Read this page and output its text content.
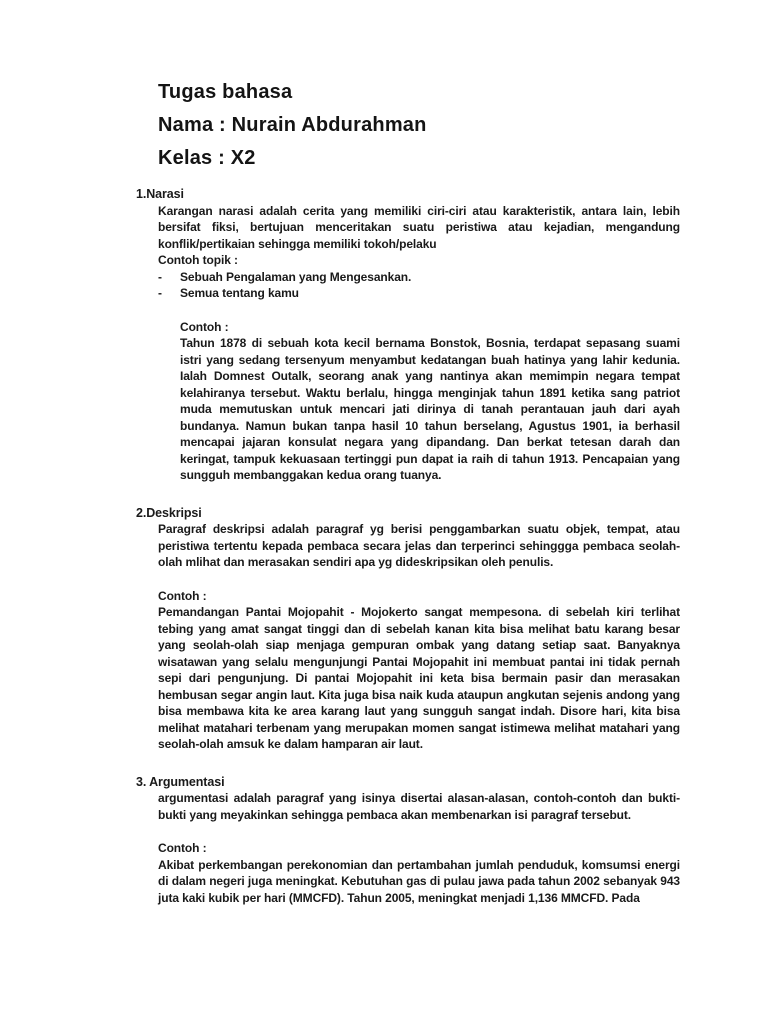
Tugas bahasa
Nama : Nurain Abdurahman
Kelas : X2
1.Narasi
Karangan narasi adalah cerita yang memiliki ciri-ciri atau karakteristik, antara lain, lebih bersifat fiksi, bertujuan menceritakan suatu peristiwa atau kejadian, mengandung konflik/pertikaian sehingga memiliki tokoh/pelaku
Contoh topik :
-	Sebuah Pengalaman yang Mengesankan.
-	Semua tentang kamu
Contoh :
Tahun 1878 di sebuah kota kecil bernama Bonstok, Bosnia, terdapat sepasang suami istri yang sedang tersenyum menyambut kedatangan buah hatinya yang lahir kedunia. Ialah Domnest Outalk, seorang anak yang nantinya akan memimpin negara tempat kelahiranya tersebut. Waktu berlalu, hingga menginjak tahun 1891 ketika sang patriot muda memutuskan untuk mencari jati dirinya di tanah perantauan jauh dari ayah bundanya. Namun bukan tanpa hasil 10 tahun berselang, Agustus 1901, ia berhasil mencapai jajaran konsulat negara yang dipandang. Dan berkat tetesan darah dan keringat, tampuk kekuasaan tertinggi pun dapat ia raih di tahun 1913. Pencapaian yang sungguh membanggakan kedua orang tuanya.
2.Deskripsi
Paragraf deskripsi adalah paragraf yg berisi penggambarkan suatu objek, tempat, atau peristiwa tertentu kepada pembaca secara jelas dan terperinci sehinggga pembaca seolah-olah mlihat dan merasakan sendiri apa yg dideskripsikan oleh penulis.
Contoh :
Pemandangan Pantai Mojopahit - Mojokerto sangat mempesona. di sebelah kiri terlihat tebing yang amat sangat tinggi dan di sebelah kanan kita bisa melihat batu karang besar yang seolah-olah siap menjaga gempuran ombak yang datang setiap saat. Banyaknya wisatawan yang selalu mengunjungi Pantai Mojopahit ini membuat pantai ini tidak pernah sepi dari pengunjung. Di pantai Mojopahit ini keta bisa bermain pasir dan merasakan hembusan segar angin laut. Kita juga bisa naik kuda ataupun angkutan sejenis andong yang bisa membawa kita ke area karang laut yang sungguh sangat indah. Disore hari, kita bisa melihat matahari terbenam yang merupakan momen sangat istimewa melihat matahari yang seolah-olah amsuk ke dalam hamparan air laut.
3. Argumentasi
argumentasi adalah paragraf yang isinya disertai alasan-alasan, contoh-contoh dan bukti-bukti yang meyakinkan sehingga pembaca akan membenarkan isi paragraf tersebut.
Contoh :
Akibat perkembangan perekonomian dan pertambahan jumlah penduduk, komsumsi energi di dalam negeri juga meningkat. Kebutuhan gas di pulau jawa pada tahun 2002 sebanyak 943 juta kaki kubik per hari (MMCFD). Tahun 2005, meningkat menjadi 1,136 MMCFD. Pada
